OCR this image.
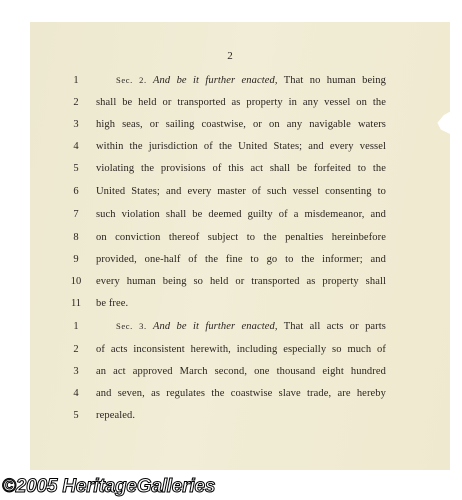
2
1	Sec. 2. And be it further enacted, That no human being
2	shall be held or transported as property in any vessel on the
3	high seas, or sailing coastwise, or on any navigable waters
4	within the jurisdiction of the United States; and every vessel
5	violating the provisions of this act shall be forfeited to the
6	United States; and every master of such vessel consenting to
7	such violation shall be deemed guilty of a misdemeanor, and
8	on conviction thereof subject to the penalties hereinbefore
9	provided, one-half of the fine to go to the informer; and
10 every human being so held or transported as property shall
11 be free.
1	Sec. 3. And be it further enacted, That all acts or parts
2	of acts inconsistent herewith, including especially so much of
3	an act approved March second, one thousand eight hundred
4	and seven, as regulates the coastwise slave trade, are hereby
5	repealed.
©2005 HeritageGalleries
